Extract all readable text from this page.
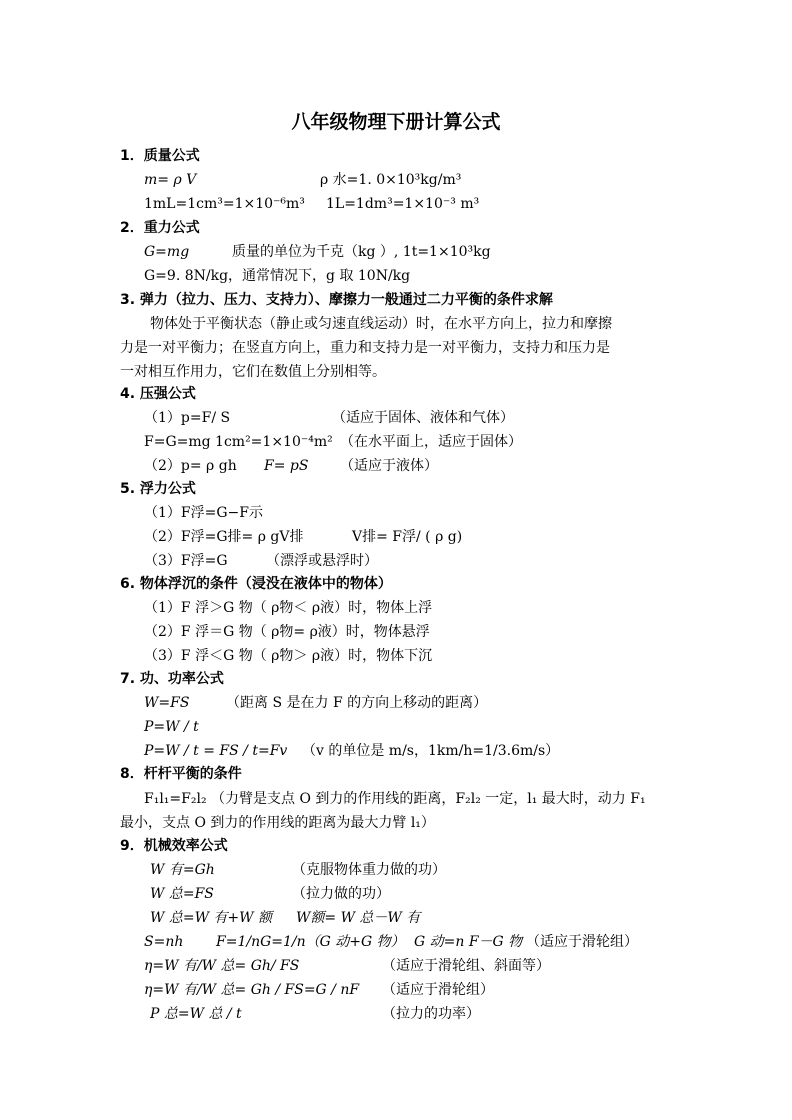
八年级物理下册计算公式
1．质量公式
m= ρ V	ρ 水=1. 0×10³kg/m³
1mL=1cm³=1×10⁻⁶m³ 1L=1dm³=1×10⁻³ m³
2．重力公式
G=mg	质量的单位为千克（kg ）, 1t=1×10³kg
G=9. 8N/kg，通常情况下，g 取 10N/kg
3. 弹力（拉力、压力、支持力）、摩擦力一般通过二力平衡的条件求解
物体处于平衡状态（静止或匀速直线运动）时，在水平方向上，拉力和摩擦
力是一对平衡力；在竖直方向上，重力和支持力是一对平衡力，支持力和压力是
一对相互作用力，它们在数值上分别相等。
4. 压强公式
（1）p=F/ S	（适应于固体、液体和气体）
F=G=mg 1cm²=1×10⁻⁴m² （在水平面上，适应于固体）
（2）p= ρ gh F= pS （适应于液体）
5. 浮力公式
（1）F浮=G−F示
（2）F浮=G排= ρ gV排	V排= F浮/ ( ρ g)
（3）F浮=G	（漂浮或悬浮时）
6. 物体浮沉的条件（浸没在液体中的物体）
（1）F 浮＞G 物（ ρ物＜ ρ液）时，物体上浮
（2）F 浮＝G 物（ ρ物= ρ液）时，物体悬浮
（3）F 浮＜G 物（ ρ物＞ ρ液）时，物体下沉
7. 功、功率公式
W=FS	（距离 S 是在力 F 的方向上移动的距离）
P=W / t
P=W / t = FS / t=Fv （v 的单位是 m/s，1km/h=1/3.6m/s）
8．杆杆平衡的条件
F₁l₁=F₂l₂ （力臂是支点 O 到力的作用线的距离，F₂l₂ 一定，l₁ 最大时，动力 F₁
最小，支点 O 到力的作用线的距离为最大力臂 l₁）
9．机械效率公式
W 有=Gh	（克服物体重力做的功）
W 总=FS	（拉力做的功）
W 总=W 有+W 额 W额= W 总－W 有
S=nh F=1/nG=1/n（G 动+G 物） G 动=n F－G 物 （适应于滑轮组）
η=W 有/W 总= Gh/ FS	（适应于滑轮组、斜面等）
η=W 有/W 总= Gh / FS=G / nF （适应于滑轮组）
P 总=W 总 / t	（拉力的功率）
